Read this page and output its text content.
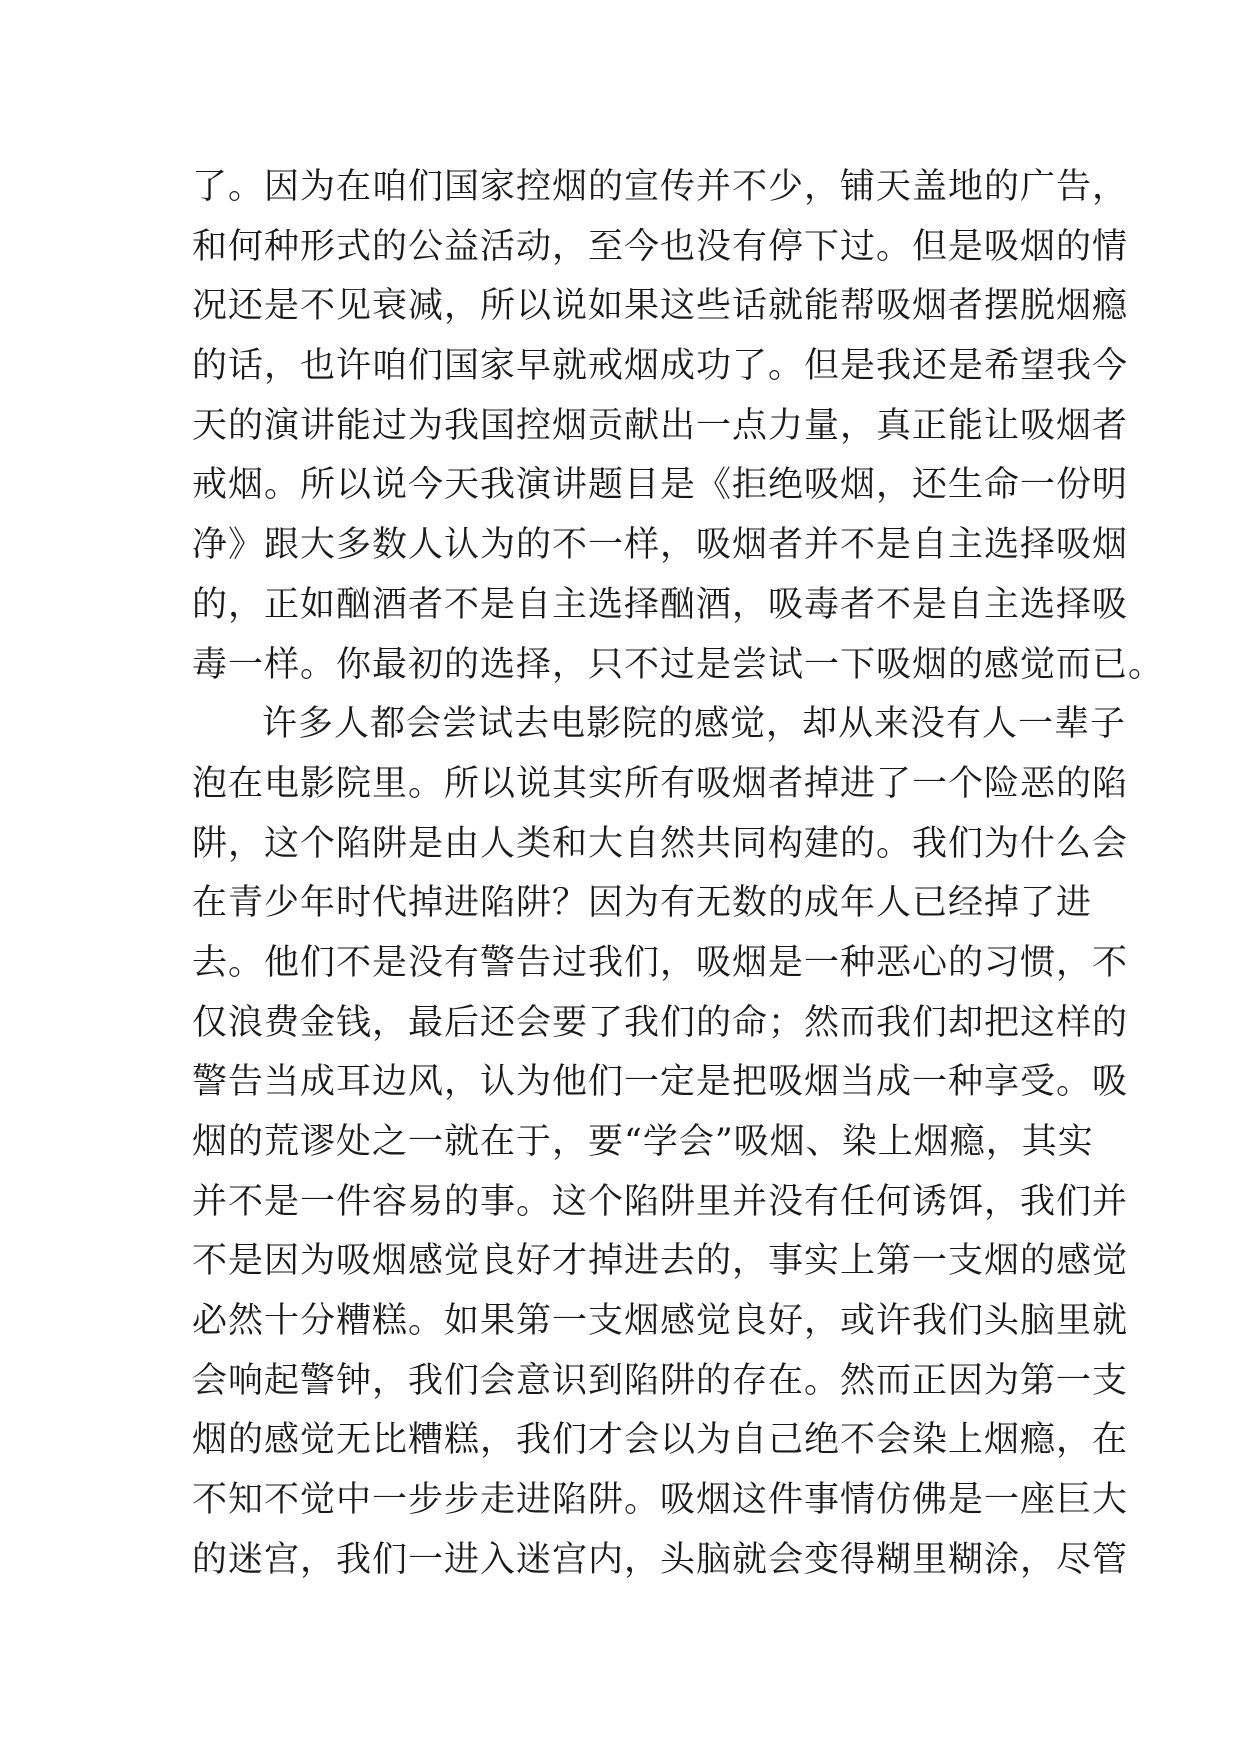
了。因为在咱们国家控烟的宣传并不少，铺天盖地的广告，
和何种形式的公益活动，至今也没有停下过。但是吸烟的情
况还是不见衰减，所以说如果这些话就能帮吸烟者摆脱烟瘾
的话，也许咱们国家早就戒烟成功了。但是我还是希望我今
天的演讲能过为我国控烟贡献出一点力量，真正能让吸烟者
戒烟。所以说今天我演讲题目是《拒绝吸烟，还生命一份明
净》跟大多数人认为的不一样，吸烟者并不是自主选择吸烟
的，正如酗酒者不是自主选择酗酒，吸毒者不是自主选择吸
毒一样。你最初的选择，只不过是尝试一下吸烟的感觉而已。
许多人都会尝试去电影院的感觉，却从来没有人一辈子
泡在电影院里。所以说其实所有吸烟者掉进了一个险恶的陷
阱，这个陷阱是由人类和大自然共同构建的。我们为什么会
在青少年时代掉进陷阱？因为有无数的成年人已经掉了进
去。他们不是没有警告过我们，吸烟是一种恶心的习惯，不
仅浪费金钱，最后还会要了我们的命；然而我们却把这样的
警告当成耳边风，认为他们一定是把吸烟当成一种享受。吸
烟的荒谬处之一就在于，要“学会”吸烟、染上烟瘾，其实
并不是一件容易的事。这个陷阱里并没有任何诱饵，我们并
不是因为吸烟感觉良好才掉进去的，事实上第一支烟的感觉
必然十分糟糕。如果第一支烟感觉良好，或许我们头脑里就
会响起警钟，我们会意识到陷阱的存在。然而正因为第一支
烟的感觉无比糟糕，我们才会以为自己绝不会染上烟瘾，在
不知不觉中一步步走进陷阱。吸烟这件事情仿佛是一座巨大
的迷宫，我们一进入迷宫内，头脑就会变得糊里糊涂，尽管
